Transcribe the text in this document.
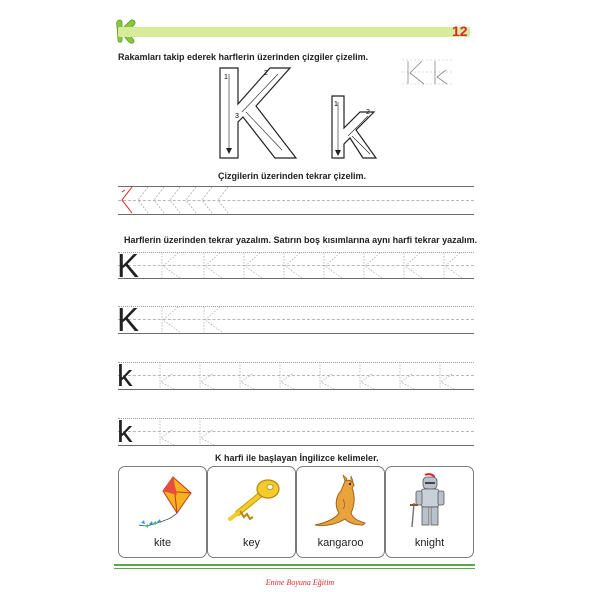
12
Rakamları takip ederek harflerin üzerinden çizgiler çizelim.
1
2
3
1
2
Çizgilerin üzerinden tekrar çizelim.
Harflerin üzerinden tekrar yazalım. Satırın boş kısımlarına aynı harfi tekrar yazalım.
K
K
k
k
K harfi ile başlayan İngilizce kelimeler.
kite	key	kangaroo	knight
Enine Boyuna Eğitim
